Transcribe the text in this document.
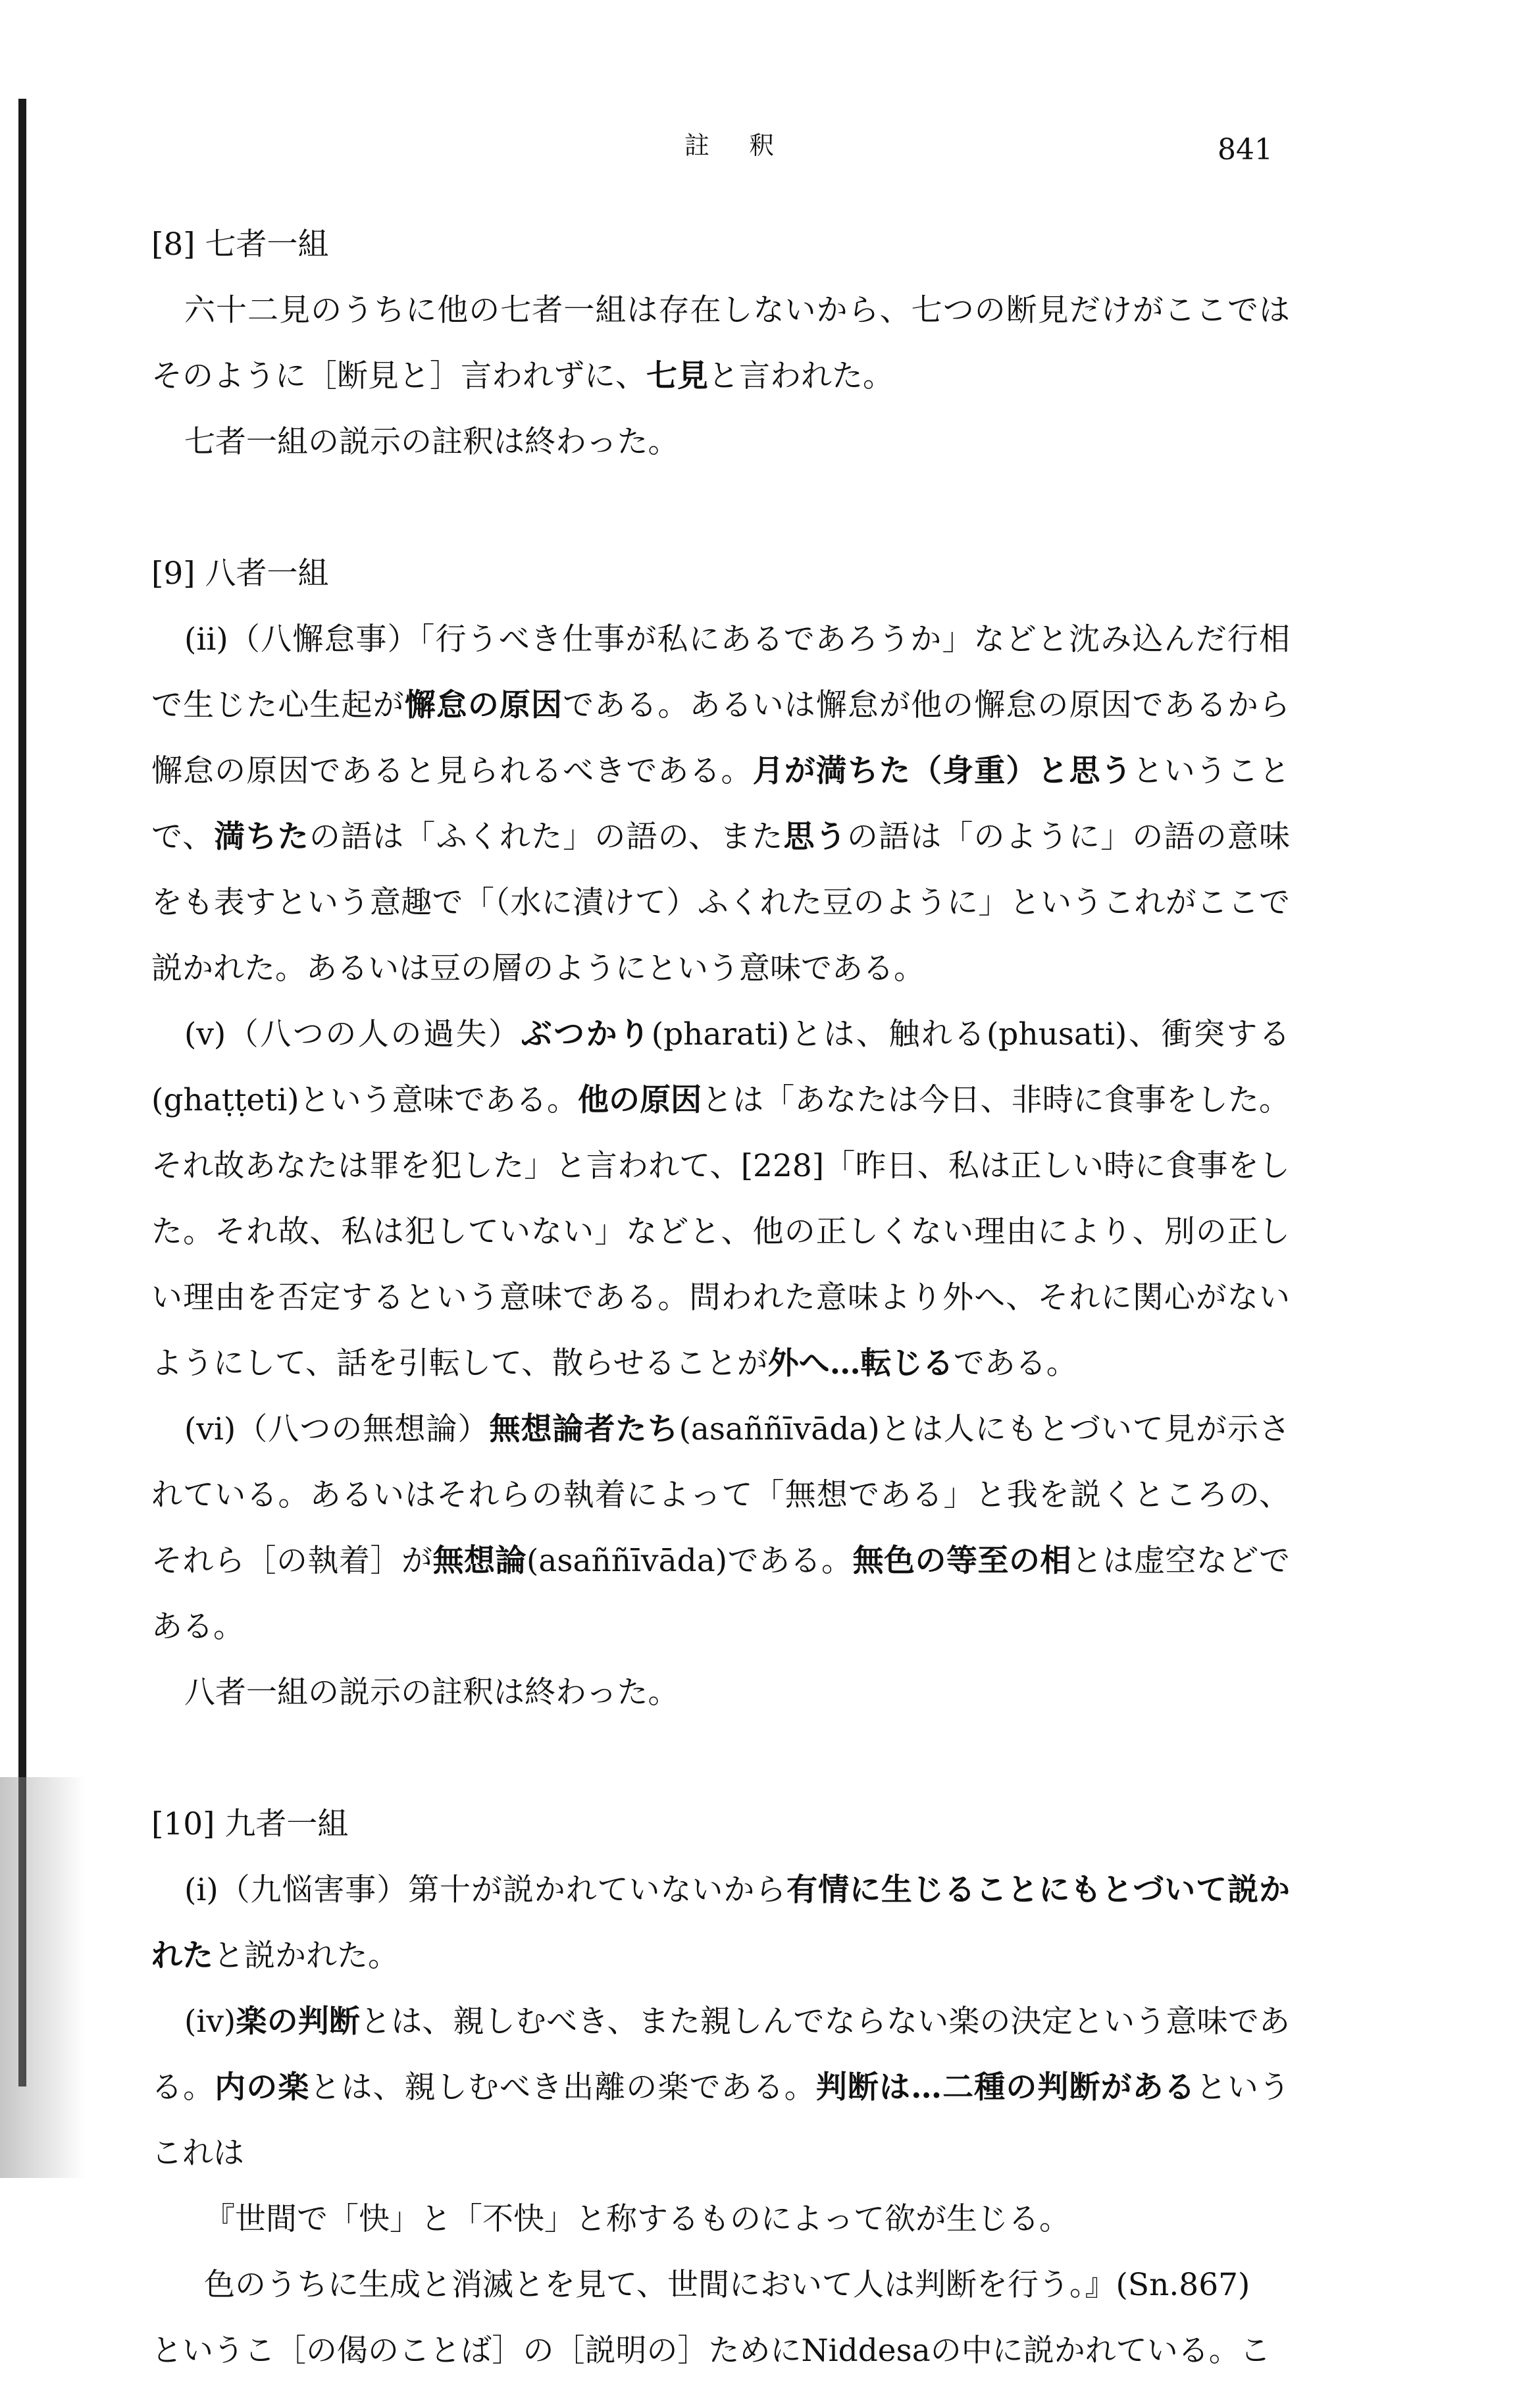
註 釈	841
[8] 七者一組

六十二見のうちに他の七者一組は存在しないから、七つの断見だけがここではそのように［断見と］言われずに、七見と言われた。

七者一組の説示の註釈は終わった。

[9] 八者一組

(ii)（八懈怠事）「行うべき仕事が私にあるであろうか」などと沈み込んだ行相で生じた心生起が懈怠の原因である。あるいは懈怠が他の懈怠の原因であるから懈怠の原因であると見られるべきである。月が満ちた（身重）と思うということで、満ちたの語は「ふくれた」の語の、また思うの語は「のように」の語の意味をも表すという意趣で「（水に漬けて）ふくれた豆のように」というこれがここで説かれた。あるいは豆の層のようにという意味である。

(v)（八つの人の過失）ぶつかり(pharati)とは、触れる(phusati)、衝突する(ghaṭṭeti)という意味である。他の原因とは「あなたは今日、非時に食事をした。それ故あなたは罪を犯した」と言われて、[228]「昨日、私は正しい時に食事をした。それ故、私は犯していない」などと、他の正しくない理由により、別の正しい理由を否定するという意味である。問われた意味より外へ、それに関心がないようにして、話を引転して、散らせることが外へ…転じるである。

(vi)（八つの無想論）無想論者たち(asaññīvāda)とは人にもとづいて見が示されている。あるいはそれらの執着によって「無想である」と我を説くところの、それら［の執着］が無想論(asaññīvāda)である。無色の等至の相とは虚空などである。

八者一組の説示の註釈は終わった。

[10] 九者一組

(i)（九悩害事）第十が説かれていないから有情に生じることにもとづいて説かれたと説かれた。

(iv)楽の判断とは、親しむべき、また親しんでならない楽の決定という意味である。内の楽とは、親しむべき出離の楽である。判断は…二種の判断があるというこれは

『世間で「快」と「不快」と称するものによって欲が生じる。

色のうちに生成と消滅とを見て、世間において人は判断を行う。』(Sn.867)

というこ［の偈のことば］の［説明の］ためにNiddesaの中に説かれている。こ
